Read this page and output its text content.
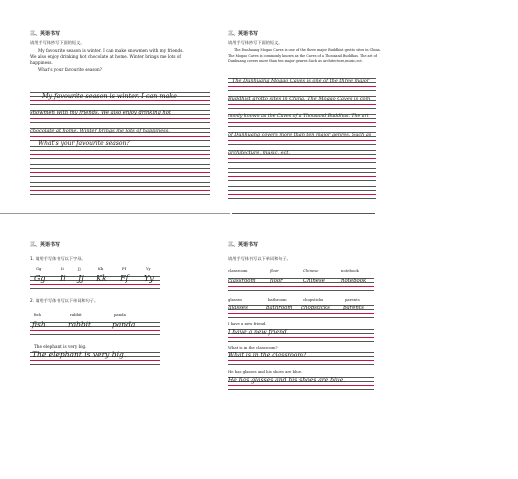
三、英语书写
请用手写体抄写下面的短文。
My favourite season is winter. I can make snowmen with my friends.
We also enjoy drinking hot chocolate at home. Winter brings me lots of
happiness.
What's your favourite season?
My favourite season is winter. I can make
snowmen with my friends. We also enjoy drinking hot
chocolate at home. Winter brings me lots of happiness.
What's your favourite season?
三、英语书写
请用手写体抄写下面的短文。
The Dunhuang Mogao Caves is one of the three major Buddhist grotto sites in China.
The Mogao Caves is commonly known as the Caves of a Thousand Buddhas. The art of
Dunhuang covers more than ten major genres.Such as architecture,music,ect.
The Dunhuang Mogao Caves is one of the three major
Buddhist grotto sites in China. The Mogao Caves is com
monly known as the Caves of a Thousand Buddhas. The art
of Dunhuang covers more than ten major genres. Such as
architecture, music, ect.
三、英语书写
1. 请用手写体书写以下字母。
Gg	Ii	Jj	Kk	Ff	Yy
Gg Ii Jj Kk Ff Yy
2. 请用手写体书写以下单词和句子。
fish	rabbit	panda
fish	rabbit	panda
The elephant is very big.
The elephant is very big.
三、英语书写
请用手写体书写以下单词和句子。
classroom	floor	Chinese	notebook
classroom	floor	Chinese	notebook
glasses	bathroom	chopsticks	parents
glasses	bathroom chopsticks parents
I have a new friend.
I have a new friend.
What is in the classroom?
What is in the classroom?
He has glasses and his shoes are blue.
He has glasses and his shoes are blue.
